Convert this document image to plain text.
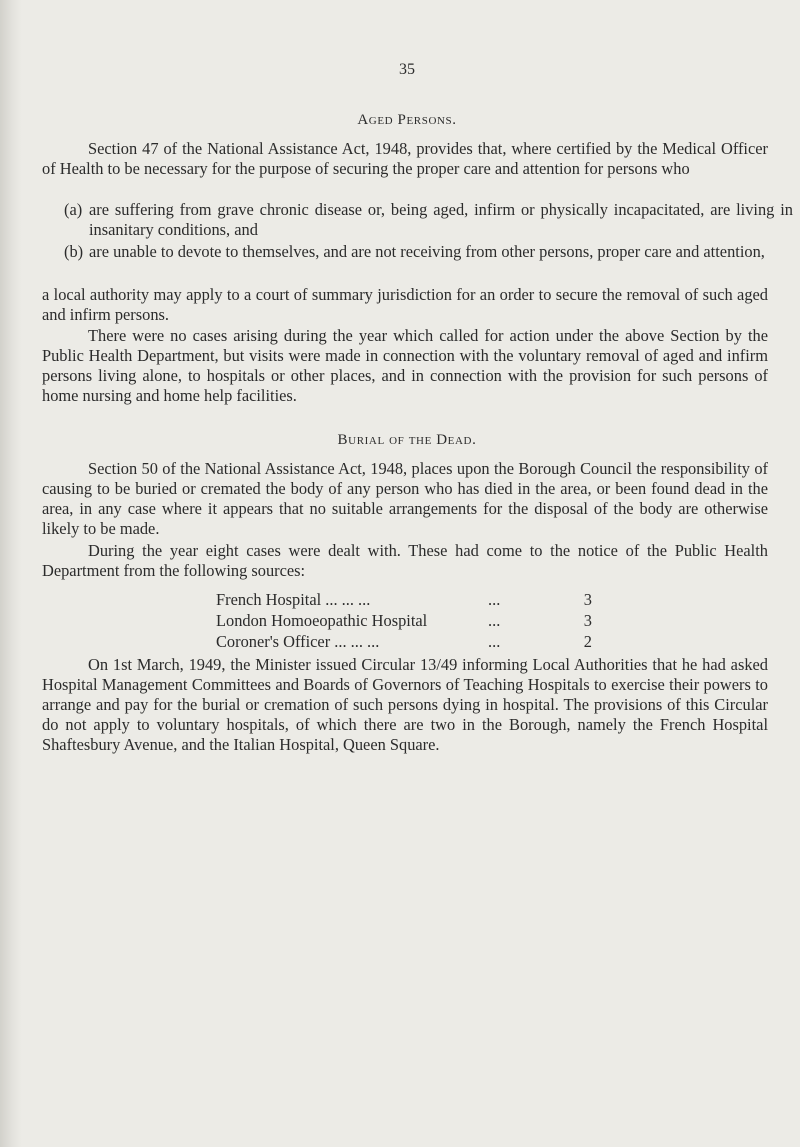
35
Aged Persons.

Section 47 of the National Assistance Act, 1948, provides that, where certified by the Medical Officer of Health to be necessary for the purpose of securing the proper care and attention for persons who

(a) are suffering from grave chronic disease or, being aged, infirm or physically incapacitated, are living in insanitary conditions, and
(b) are unable to devote to themselves, and are not receiving from other persons, proper care and attention,

a local authority may apply to a court of summary jurisdiction for an order to secure the removal of such aged and infirm persons.

There were no cases arising during the year which called for action under the above Section by the Public Health Department, but visits were made in connection with the voluntary removal of aged and infirm persons living alone, to hospitals or other places, and in connection with the provision for such persons of home nursing and home help facilities.

Burial of the Dead.

Section 50 of the National Assistance Act, 1948, places upon the Borough Council the responsibility of causing to be buried or cremated the body of any person who has died in the area, or been found dead in the area, in any case where it appears that no suitable arrangements for the disposal of the body are otherwise likely to be made.

During the year eight cases were dealt with. These had come to the notice of the Public Health Department from the following sources:

French Hospital ... ... ...	...	3
London Homoeopathic Hospital	...	3
Coroner's Officer ... ... ...	...	2

On 1st March, 1949, the Minister issued Circular 13/49 informing Local Authorities that he had asked Hospital Management Committees and Boards of Governors of Teaching Hospitals to exercise their powers to arrange and pay for the burial or cremation of such persons dying in hospital. The provisions of this Circular do not apply to voluntary hospitals, of which there are two in the Borough, namely the French Hospital Shaftesbury Avenue, and the Italian Hospital, Queen Square.
